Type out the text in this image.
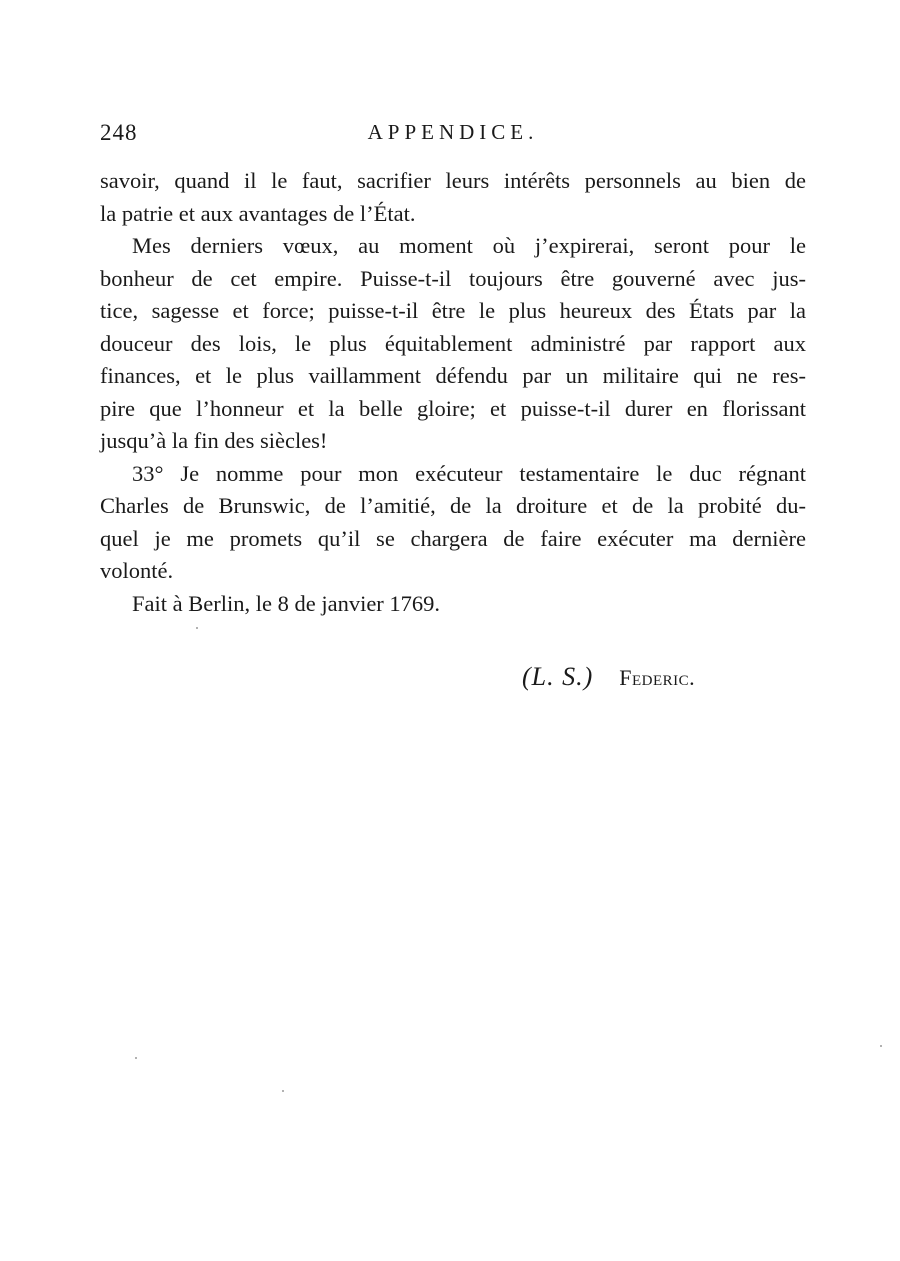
248	APPENDICE.
savoir, quand il le faut, sacrifier leurs intérêts personnels au bien de
la patrie et aux avantages de l’État.
Mes derniers vœux, au moment où j’expirerai, seront pour le
bonheur de cet empire. Puisse-t-il toujours être gouverné avec jus-
tice, sagesse et force; puisse-t-il être le plus heureux des États par la
douceur des lois, le plus équitablement administré par rapport aux
finances, et le plus vaillamment défendu par un militaire qui ne res-
pire que l’honneur et la belle gloire; et puisse-t-il durer en florissant
jusqu’à la fin des siècles!
33° Je nomme pour mon exécuteur testamentaire le duc régnant
Charles de Brunswic, de l’amitié, de la droiture et de la probité du-
quel je me promets qu’il se chargera de faire exécuter ma dernière
volonté.
Fait à Berlin, le 8 de janvier 1769.
(L. S.) Federic.
